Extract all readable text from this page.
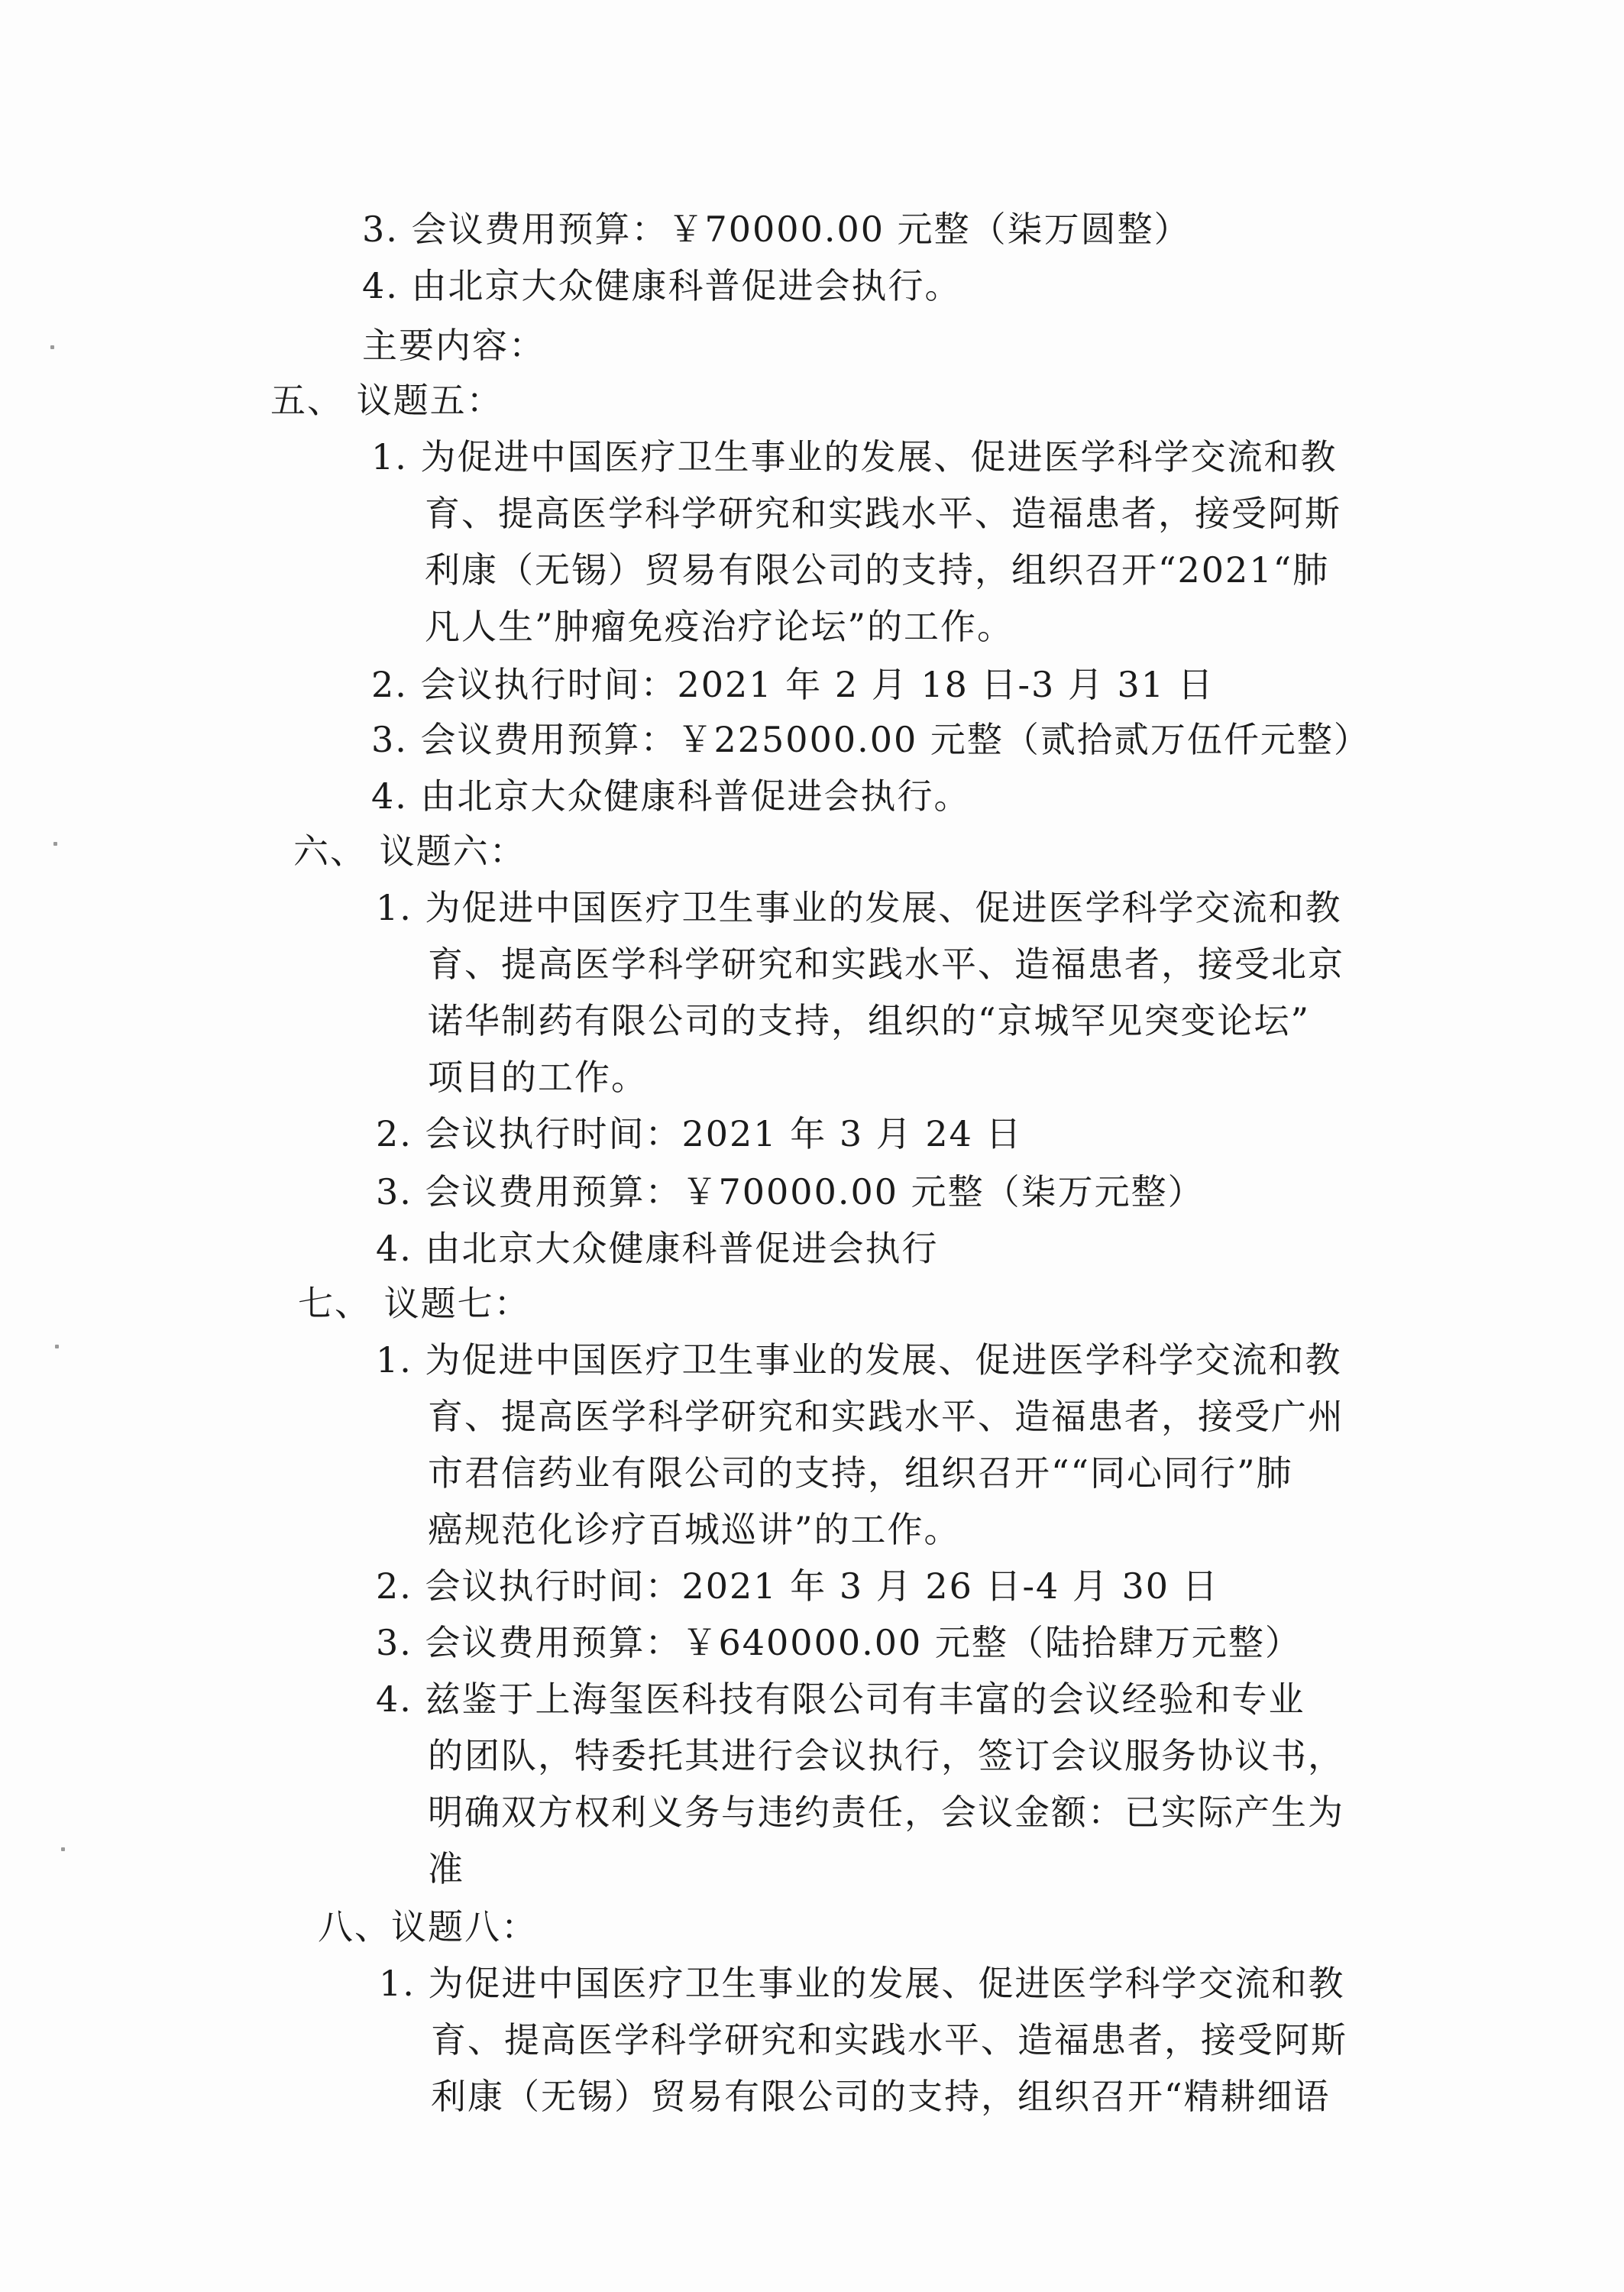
3. 会议费用预算：￥70000.00 元整（柒万圆整）
4. 由北京大众健康科普促进会执行。
主要内容：
五、 议题五：
1. 为促进中国医疗卫生事业的发展、促进医学科学交流和教
育、提高医学科学研究和实践水平、造福患者，接受阿斯
利康（无锡）贸易有限公司的支持，组织召开“2021“肺
凡人生”肿瘤免疫治疗论坛”的工作。
2. 会议执行时间：2021 年 2 月 18 日-3 月 31 日
3. 会议费用预算：￥225000.00 元整（贰拾贰万伍仟元整）
4. 由北京大众健康科普促进会执行。
六、 议题六：
1. 为促进中国医疗卫生事业的发展、促进医学科学交流和教
育、提高医学科学研究和实践水平、造福患者，接受北京
诺华制药有限公司的支持，组织的“京城罕见突变论坛”
项目的工作。
2. 会议执行时间：2021 年 3 月 24 日
3. 会议费用预算：￥70000.00 元整（柒万元整）
4. 由北京大众健康科普促进会执行
七、 议题七：
1. 为促进中国医疗卫生事业的发展、促进医学科学交流和教
育、提高医学科学研究和实践水平、造福患者，接受广州
市君信药业有限公司的支持，组织召开““同心同行”肺
癌规范化诊疗百城巡讲”的工作。
2. 会议执行时间：2021 年 3 月 26 日-4 月 30 日
3. 会议费用预算：￥640000.00 元整（陆拾肆万元整）
4. 兹鉴于上海玺医科技有限公司有丰富的会议经验和专业
的团队，特委托其进行会议执行，签订会议服务协议书，
明确双方权利义务与违约责任，会议金额：已实际产生为
准
八、议题八：
1. 为促进中国医疗卫生事业的发展、促进医学科学交流和教
育、提高医学科学研究和实践水平、造福患者，接受阿斯
利康（无锡）贸易有限公司的支持，组织召开“精耕细语
